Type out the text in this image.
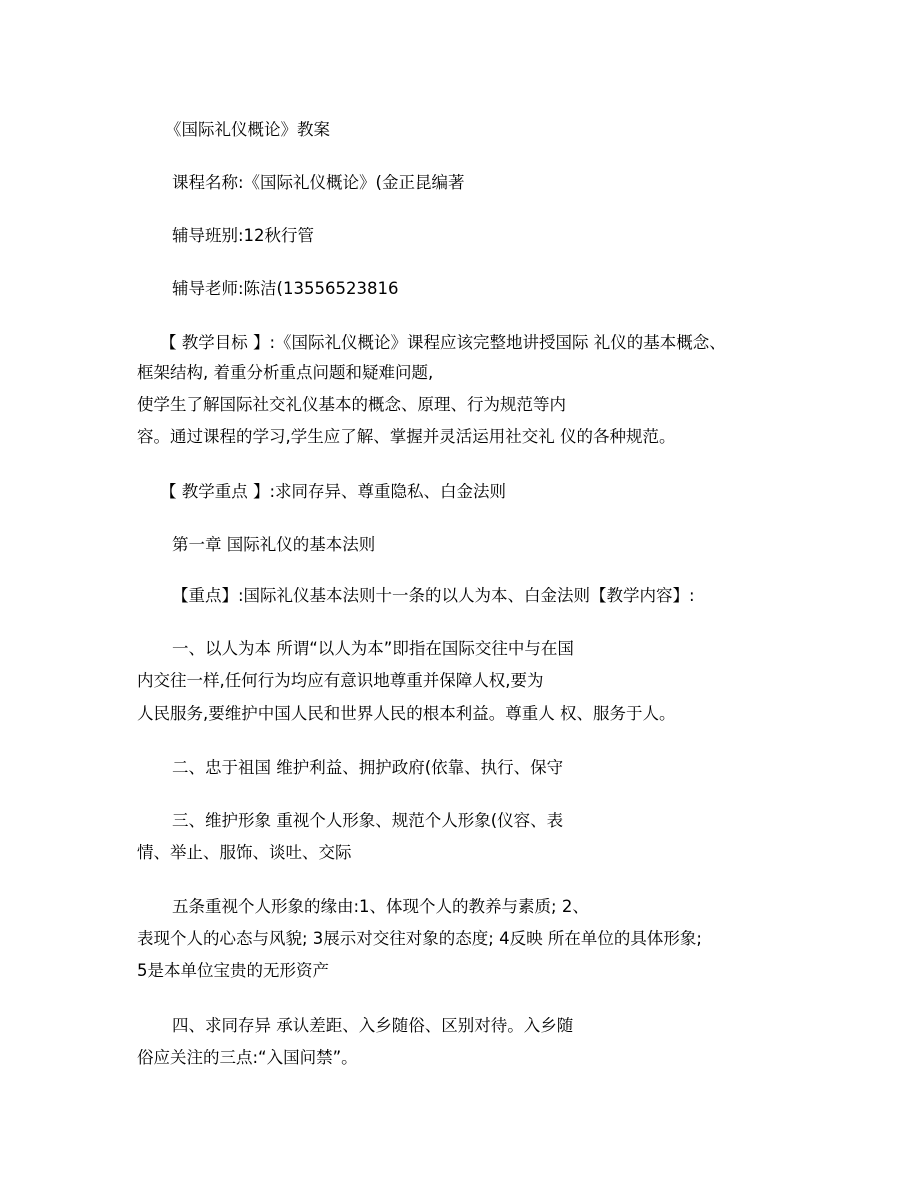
《国际礼仪概论》教案
课程名称:《国际礼仪概论》(金正昆编著
辅导班别:12秋行管
辅导老师:陈洁(13556523816
【 教学目标 】:《国际礼仪概论》课程应该完整地讲授国际 礼仪的基本概念、
框架结构, 着重分析重点问题和疑难问题,
使学生了解国际社交礼仪基本的概念、原理、行为规范等内
容。通过课程的学习,学生应了解、掌握并灵活运用社交礼 仪的各种规范。
【 教学重点 】:求同存异、尊重隐私、白金法则
第一章 国际礼仪的基本法则
【重点】:国际礼仪基本法则十一条的以人为本、白金法则【教学内容】:
一、以人为本 所谓“以人为本”即指在国际交往中与在国
内交往一样,任何行为均应有意识地尊重并保障人权,要为
人民服务,要维护中国人民和世界人民的根本利益。尊重人 权、服务于人。
二、忠于祖国 维护利益、拥护政府(依靠、执行、保守
三、维护形象 重视个人形象、规范个人形象(仪容、表
情、举止、服饰、谈吐、交际
五条重视个人形象的缘由:1、体现个人的教养与素质; 2、
表现个人的心态与风貌; 3展示对交往对象的态度; 4反映 所在单位的具体形象;
5是本单位宝贵的无形资产
四、求同存异 承认差距、入乡随俗、区别对待。入乡随
俗应关注的三点:“入国问禁”。
